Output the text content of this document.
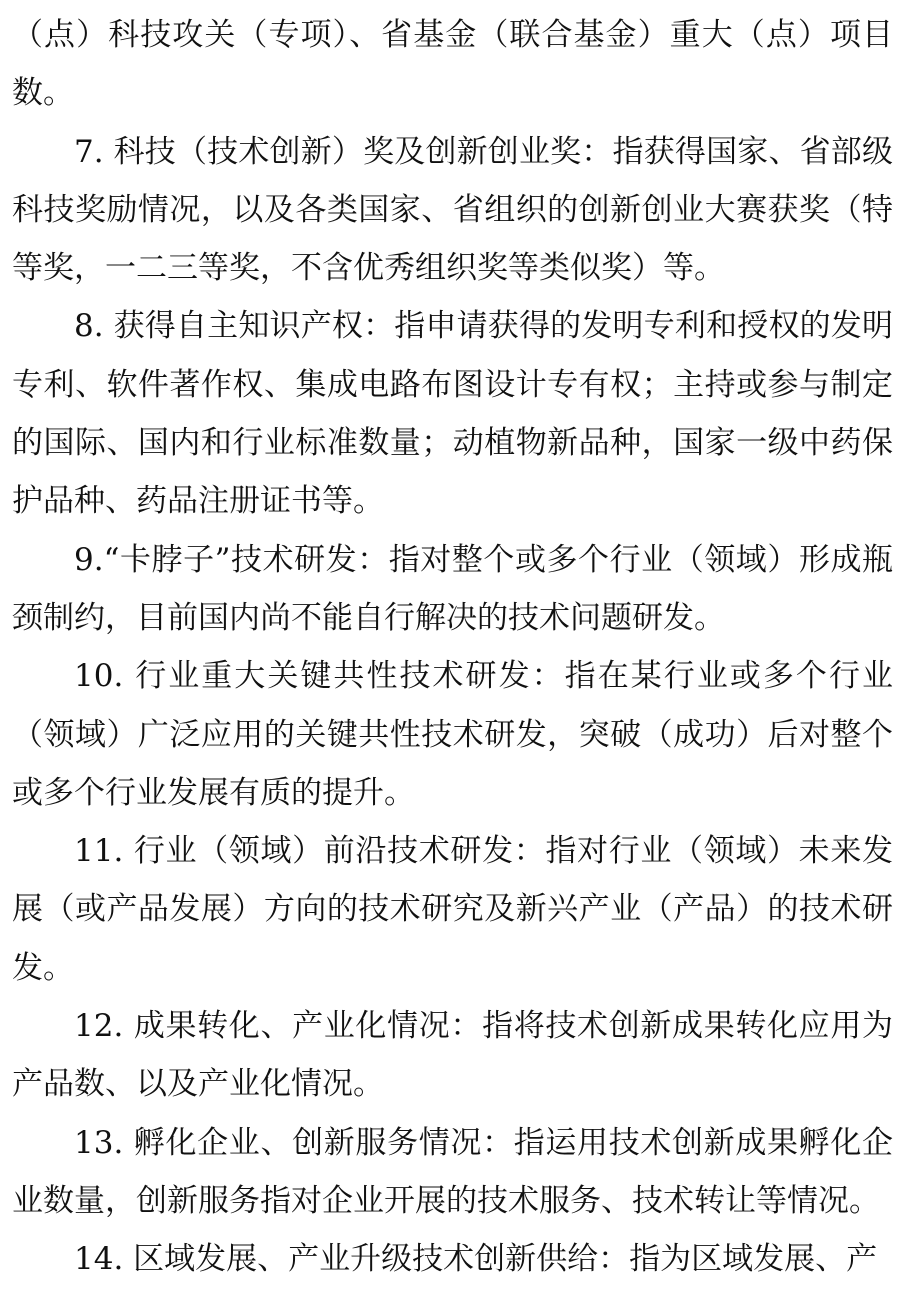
（点）科技攻关（专项）、省基金（联合基金）重大（点）项目数。

7. 科技（技术创新）奖及创新创业奖：指获得国家、省部级科技奖励情况，以及各类国家、省组织的创新创业大赛获奖（特等奖，一二三等奖，不含优秀组织奖等类似奖）等。

8. 获得自主知识产权：指申请获得的发明专利和授权的发明专利、软件著作权、集成电路布图设计专有权；主持或参与制定的国际、国内和行业标准数量；动植物新品种，国家一级中药保护品种、药品注册证书等。

9.“卡脖子”技术研发：指对整个或多个行业（领域）形成瓶颈制约，目前国内尚不能自行解决的技术问题研发。

10. 行业重大关键共性技术研发：指在某行业或多个行业（领域）广泛应用的关键共性技术研发，突破（成功）后对整个或多个行业发展有质的提升。

11. 行业（领域）前沿技术研发：指对行业（领域）未来发展（或产品发展）方向的技术研究及新兴产业（产品）的技术研发。

12. 成果转化、产业化情况：指将技术创新成果转化应用为产品数、以及产业化情况。

13. 孵化企业、创新服务情况：指运用技术创新成果孵化企业数量，创新服务指对企业开展的技术服务、技术转让等情况。

14. 区域发展、产业升级技术创新供给：指为区域发展、产
